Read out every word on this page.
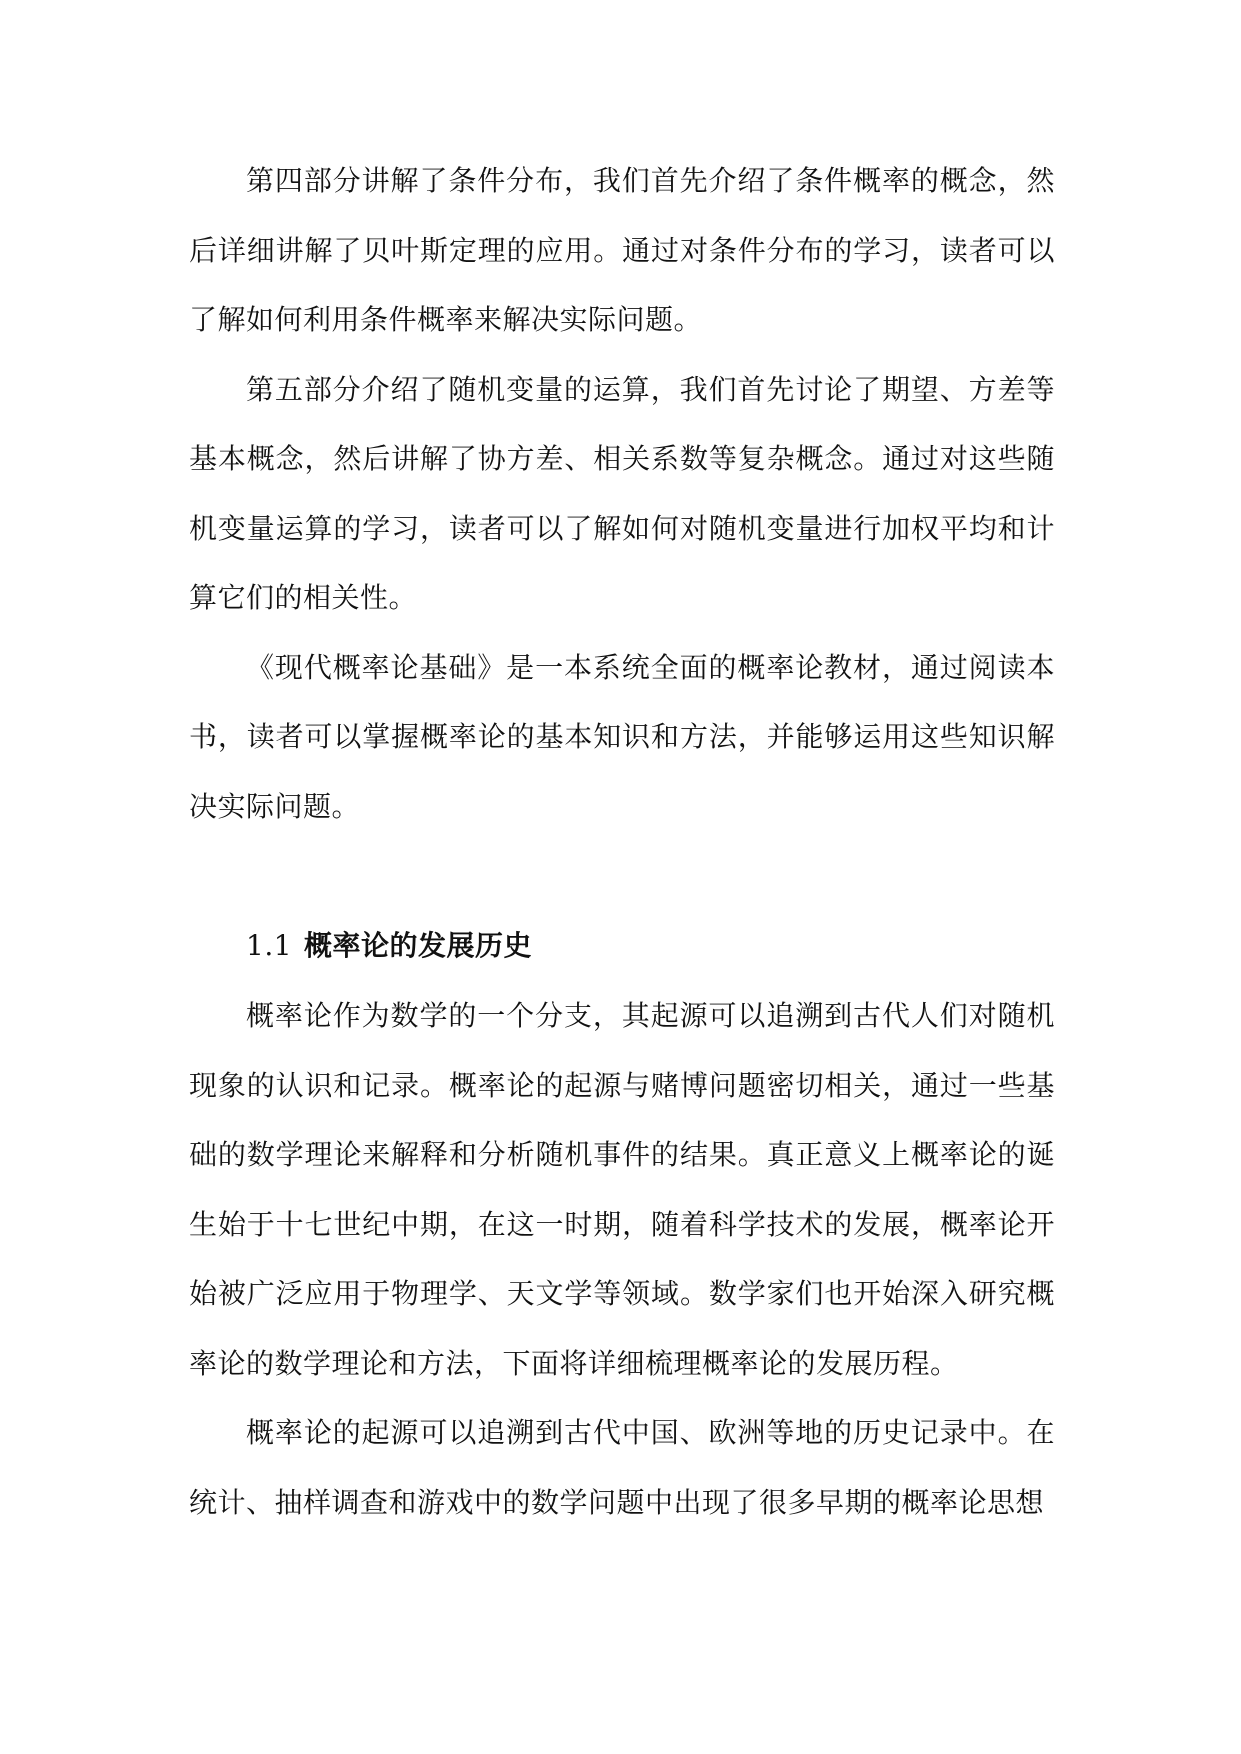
第四部分讲解了条件分布，我们首先介绍了条件概率的概念，然后详细讲解了贝叶斯定理的应用。通过对条件分布的学习，读者可以了解如何利用条件概率来解决实际问题。

第五部分介绍了随机变量的运算，我们首先讨论了期望、方差等基本概念，然后讲解了协方差、相关系数等复杂概念。通过对这些随机变量运算的学习，读者可以了解如何对随机变量进行加权平均和计算它们的相关性。

《现代概率论基础》是一本系统全面的概率论教材，通过阅读本书，读者可以掌握概率论的基本知识和方法，并能够运用这些知识解决实际问题。

1.1 概率论的发展历史

概率论作为数学的一个分支，其起源可以追溯到古代人们对随机现象的认识和记录。概率论的起源与赌博问题密切相关，通过一些基础的数学理论来解释和分析随机事件的结果。真正意义上概率论的诞生始于十七世纪中期，在这一时期，随着科学技术的发展，概率论开始被广泛应用于物理学、天文学等领域。数学家们也开始深入研究概率论的数学理论和方法，下面将详细梳理概率论的发展历程。

概率论的起源可以追溯到古代中国、欧洲等地的历史记录中。在统计、抽样调查和游戏中的数学问题中出现了很多早期的概率论思想
